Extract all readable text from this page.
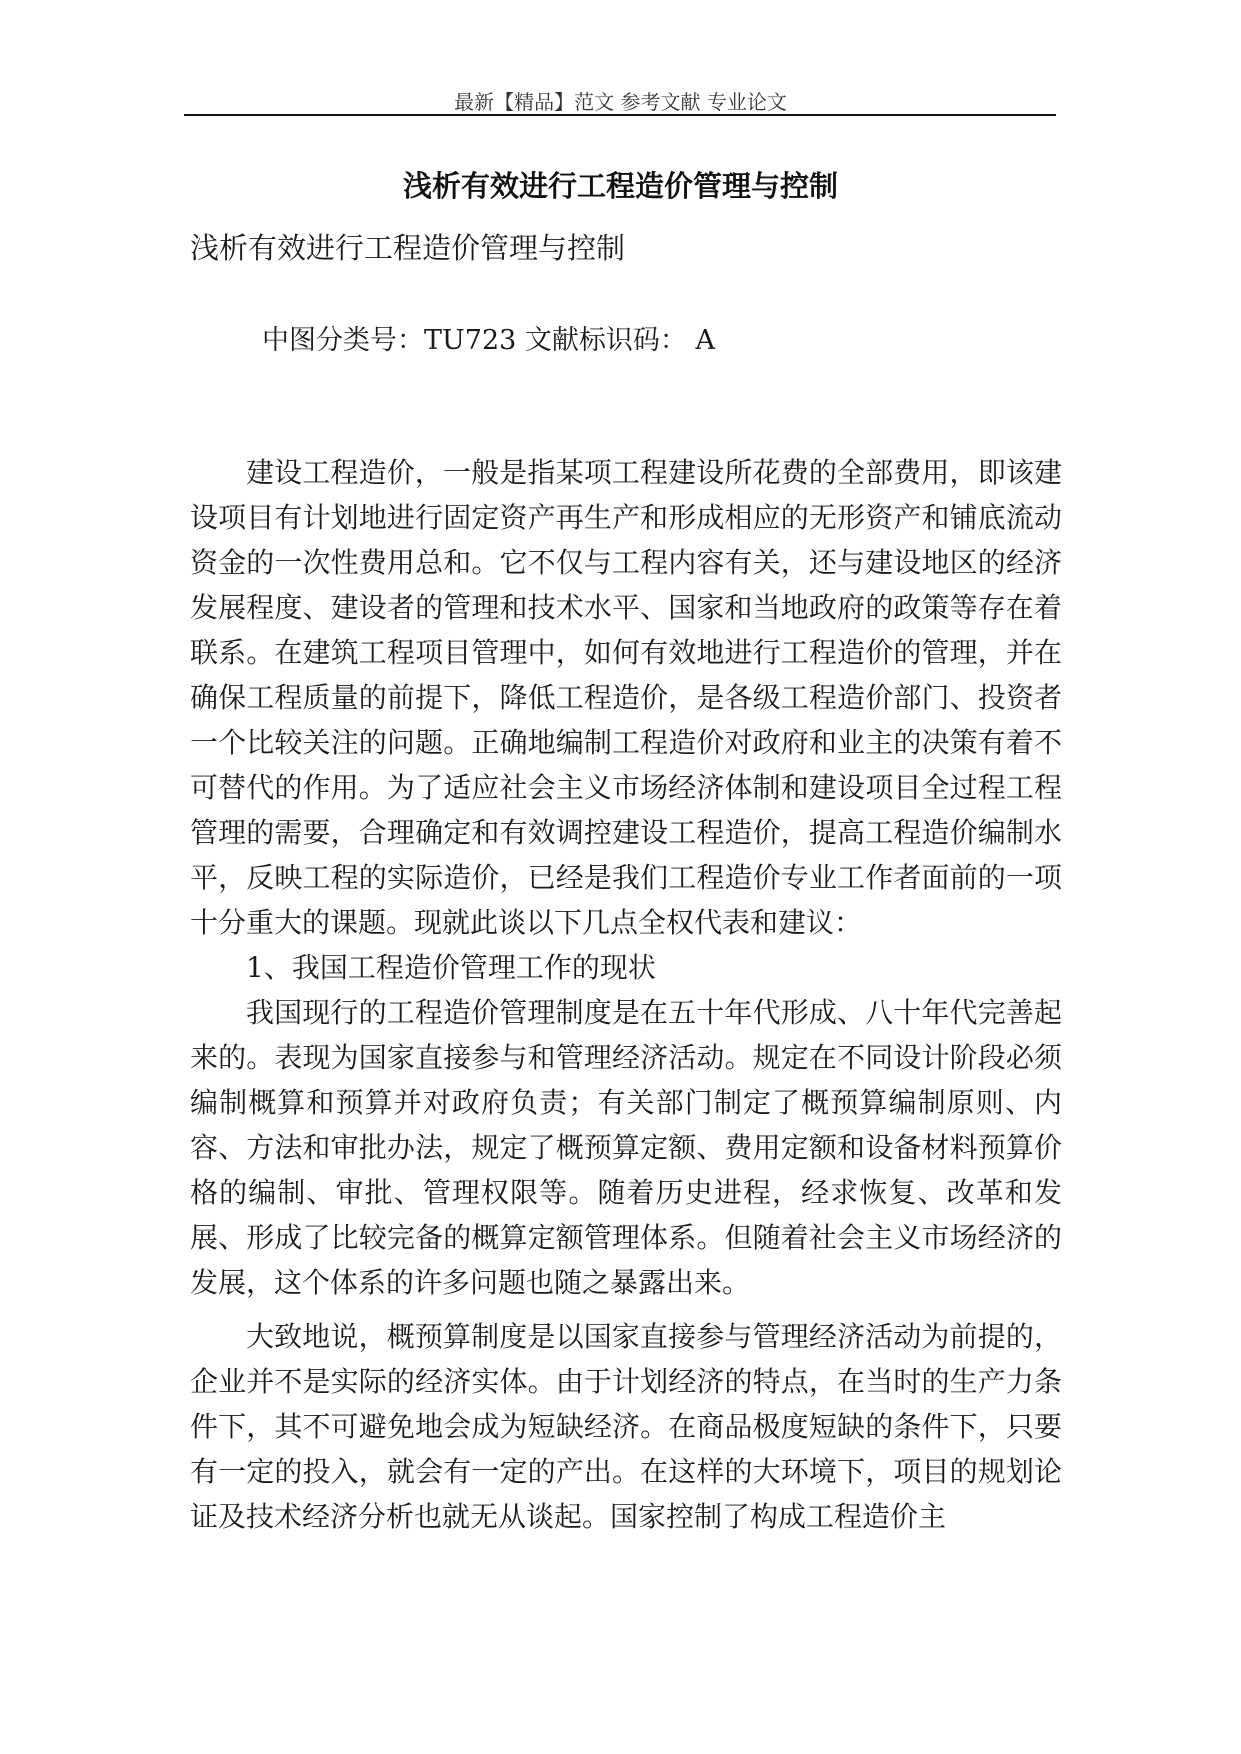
最新【精品】范文 参考文献 专业论文
浅析有效进行工程造价管理与控制
浅析有效进行工程造价管理与控制
中图分类号：TU723 文献标识码： A

建设工程造价，一般是指某项工程建设所花费的全部费用，即该建设项目有计划地进行固定资产再生产和形成相应的无形资产和铺底流动资金的一次性费用总和。它不仅与工程内容有关，还与建设地区的经济发展程度、建设者的管理和技术水平、国家和当地政府的政策等存在着联系。在建筑工程项目管理中，如何有效地进行工程造价的管理，并在确保工程质量的前提下，降低工程造价，是各级工程造价部门、投资者一个比较关注的问题。正确地编制工程造价对政府和业主的决策有着不可替代的作用。为了适应社会主义市场经济体制和建设项目全过程工程管理的需要，合理确定和有效调控建设工程造价，提高工程造价编制水平，反映工程的实际造价，已经是我们工程造价专业工作者面前的一项十分重大的课题。现就此谈以下几点全权代表和建议：

1、我国工程造价管理工作的现状

我国现行的工程造价管理制度是在五十年代形成、八十年代完善起来的。表现为国家直接参与和管理经济活动。规定在不同设计阶段必须编制概算和预算并对政府负责；有关部门制定了概预算编制原则、内容、方法和审批办法，规定了概预算定额、费用定额和设备材料预算价格的编制、审批、管理权限等。随着历史进程，经求恢复、改革和发展、形成了比较完备的概算定额管理体系。但随着社会主义市场经济的发展，这个体系的许多问题也随之暴露出来。

大致地说，概预算制度是以国家直接参与管理经济活动为前提的，企业并不是实际的经济实体。由于计划经济的特点，在当时的生产力条件下，其不可避免地会成为短缺经济。在商品极度短缺的条件下，只要有一定的投入，就会有一定的产出。在这样的大环境下，项目的规划论证及技术经济分析也就无从谈起。国家控制了构成工程造价主
